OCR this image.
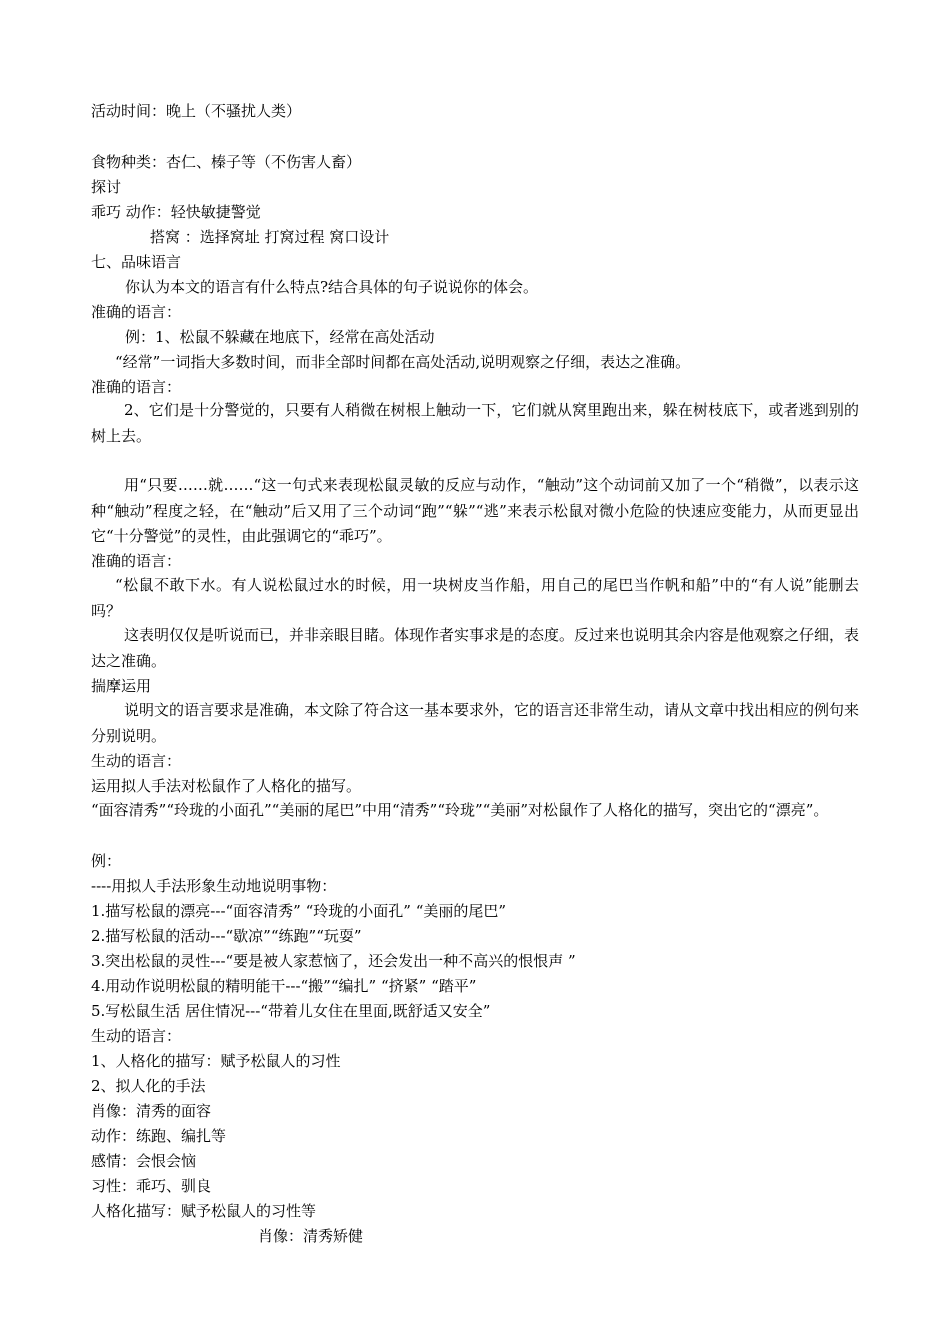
活动时间：晚上（不骚扰人类）
食物种类：杏仁、榛子等（不伤害人畜）
探讨
乖巧 动作：轻快敏捷警觉
搭窝 ：选择窝址 打窝过程 窝口设计
七、品味语言
你认为本文的语言有什么特点?结合具体的句子说说你的体会。
准确的语言：
例：1、松鼠不躲藏在地底下，经常在高处活动
“经常”一词指大多数时间，而非全部时间都在高处活动,说明观察之仔细，表达之准确。
准确的语言：
2、它们是十分警觉的，只要有人稍微在树根上触动一下，它们就从窝里跑出来，躲在树枝底下，或者逃到别的树上去。
用“只要……就……“这一句式来表现松鼠灵敏的反应与动作，“触动”这个动词前又加了一个“稍微”，以表示这种“触动”程度之轻，在“触动”后又用了三个动词“跑”“躲”“逃”来表示松鼠对微小危险的快速应变能力，从而更显出它“十分警觉”的灵性，由此强调它的“乖巧”。
准确的语言：
“松鼠不敢下水。有人说松鼠过水的时候，用一块树皮当作船，用自己的尾巴当作帆和船”中的“有人说”能删去吗？
这表明仅仅是听说而已，并非亲眼目睹。体现作者实事求是的态度。反过来也说明其余内容是他观察之仔细，表达之准确。
揣摩运用
说明文的语言要求是准确，本文除了符合这一基本要求外，它的语言还非常生动，请从文章中找出相应的例句来分别说明。
生动的语言：
运用拟人手法对松鼠作了人格化的描写。
“面容清秀”“玲珑的小面孔”“美丽的尾巴”中用“清秀”“玲珑”“美丽”对松鼠作了人格化的描写，突出它的“漂亮”。
例：
----用拟人手法形象生动地说明事物：
1.描写松鼠的漂亮---“面容清秀” “玲珑的小面孔” “美丽的尾巴”
2.描写松鼠的活动---“歇凉”“练跑”“玩耍”
3.突出松鼠的灵性---“要是被人家惹恼了，还会发出一种不高兴的恨恨声 ”
4.用动作说明松鼠的精明能干---“搬”“编扎” “挤紧” “踏平”
5.写松鼠生活 居住情况---“带着儿女住在里面,既舒适又安全”
生动的语言：
1、人格化的描写：赋予松鼠人的习性
2、拟人化的手法
肖像：清秀的面容
动作：练跑、编扎等
感情：会恨会恼
习性：乖巧、驯良
人格化描写：赋予松鼠人的习性等
肖像：清秀矫健
